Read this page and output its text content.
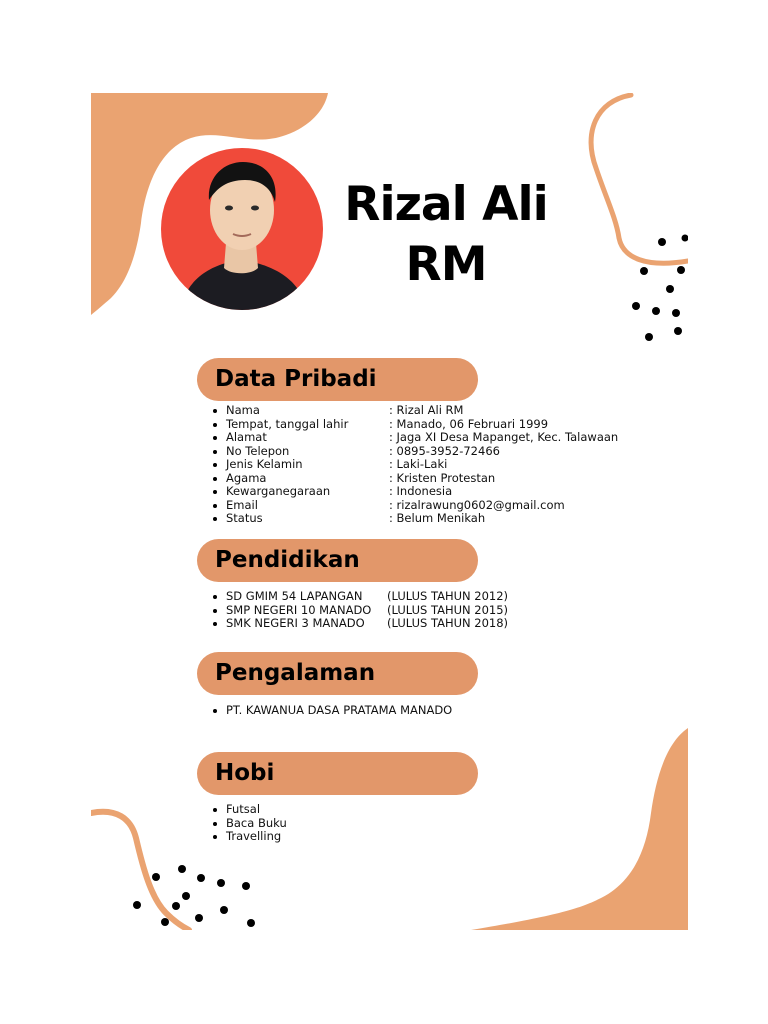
Rizal Ali
RM
Data Pribadi
Nama	: Rizal Ali RM
Tempat, tanggal lahir	: Manado, 06 Februari 1999
Alamat	: Jaga XI Desa Mapanget, Kec. Talawaan
No Telepon	: 0895-3952-72466
Jenis Kelamin	: Laki-Laki
Agama	: Kristen Protestan
Kewarganegaraan	: Indonesia
Email	: rizalrawung0602@gmail.com
Status	: Belum Menikah
Pendidikan
SD GMIM 54 LAPANGAN (LULUS TAHUN 2012)
SMP NEGERI 10 MANADO (LULUS TAHUN 2015)
SMK NEGERI 3 MANADO (LULUS TAHUN 2018)
Pengalaman
PT. KAWANUA DASA PRATAMA MANADO
Hobi
Futsal
Baca Buku
Travelling
